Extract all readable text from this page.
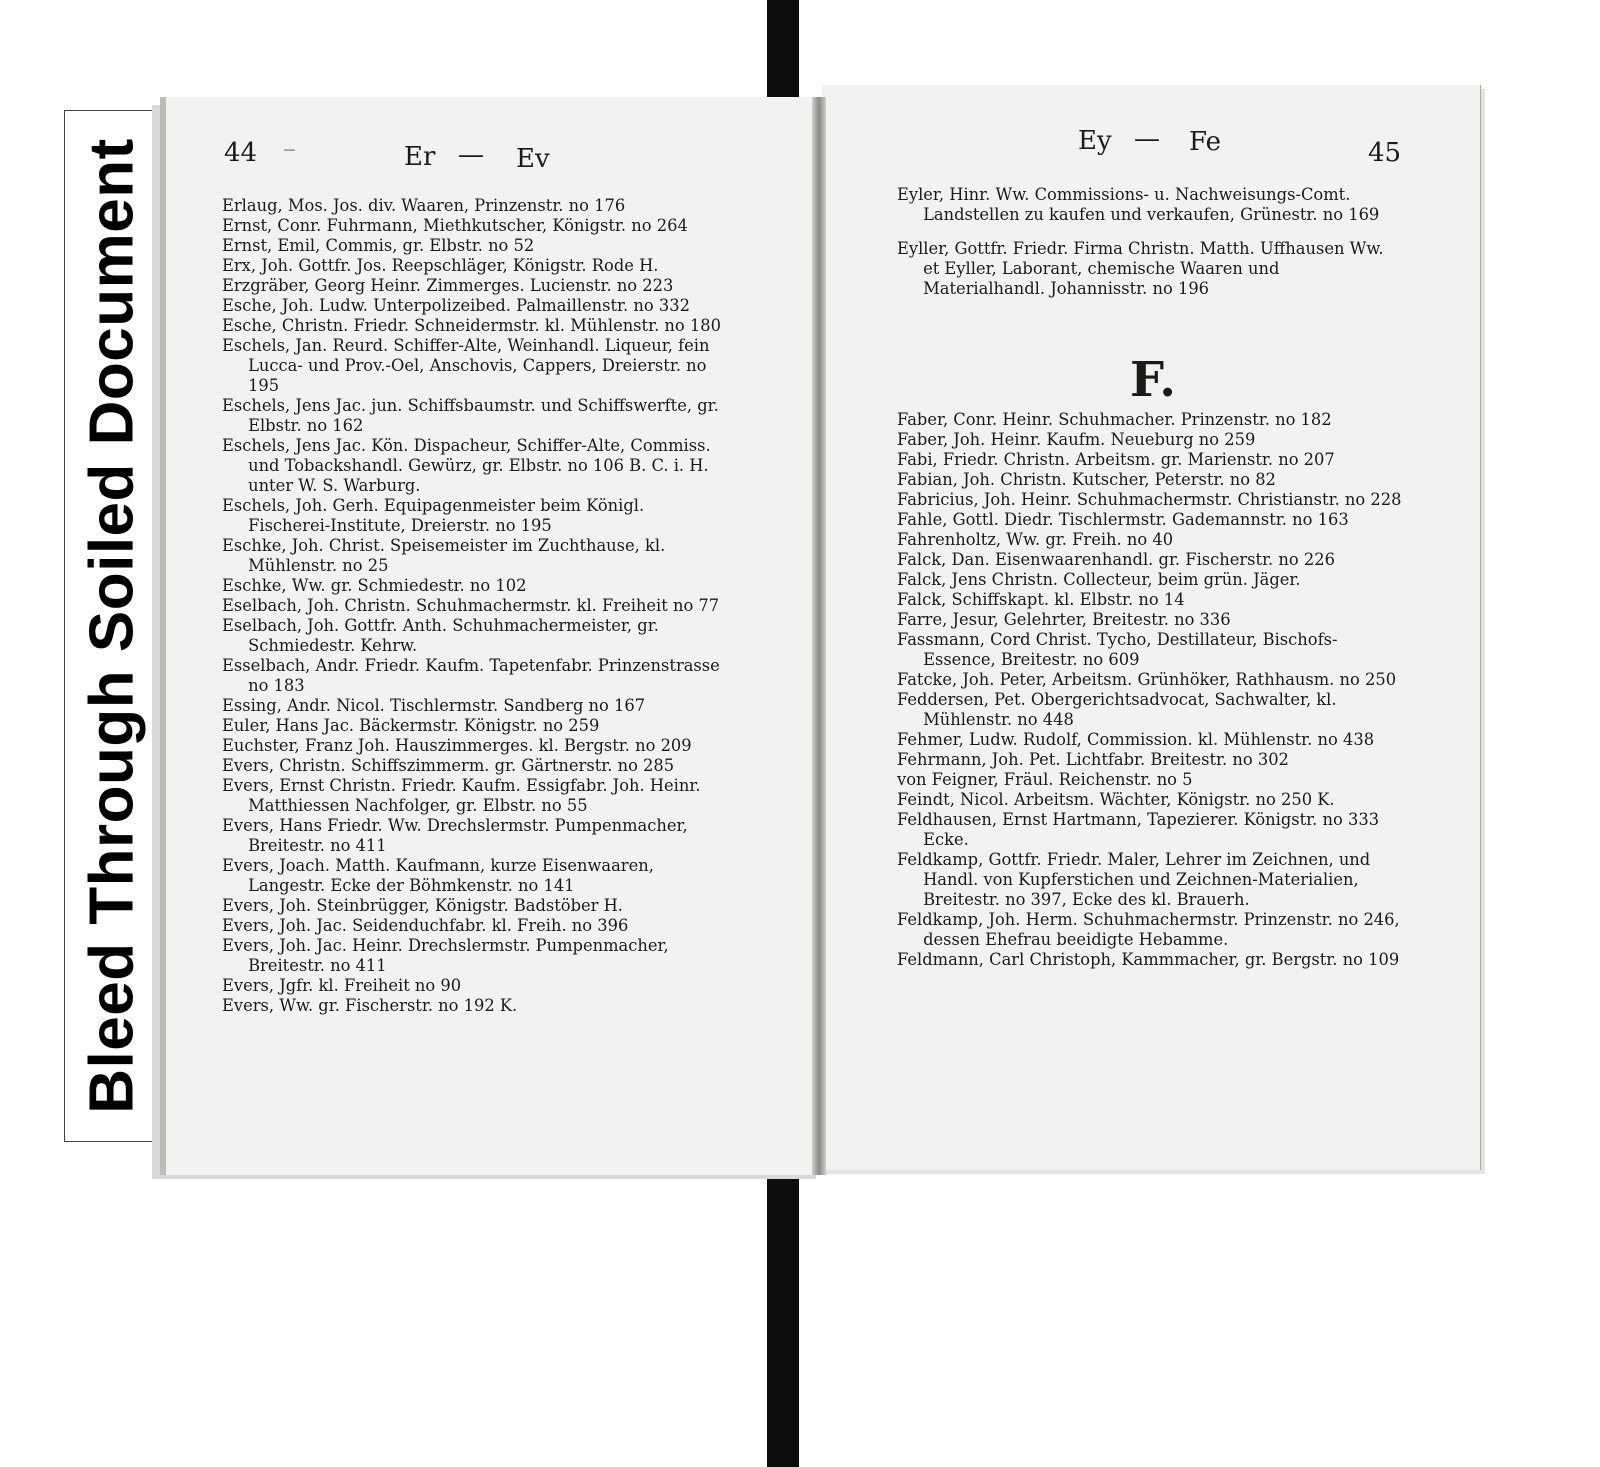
Bleed Through Soiled Document	44 –	Er — Ev
Ey — Fe	45
Erlaug, Mos. Jos. div. Waaren, Prinzenstr. no 176
Ernst, Conr. Fuhrmann, Miethkutscher, Königstr. no 264
Ernst, Emil, Commis, gr. Elbstr. no 52
Erx, Joh. Gottfr. Jos. Reepschläger, Königstr. Rode H.
Erzgräber, Georg Heinr. Zimmerges. Lucienstr. no 223
Esche, Joh. Ludw. Unterpolizeibed. Palmaillenstr. no 332
Esche, Christn. Friedr. Schneidermstr. kl. Mühlenstr. no 180
Eschels, Jan. Reurd. Schiffer-Alte, Weinhandl. Liqueur, fein Lucca- und Prov.-Oel, Anschovis, Cappers, Dreierstr. no 195
Eschels, Jens Jac. jun. Schiffsbaumstr. und Schiffswerfte, gr. Elbstr. no 162
Eschels, Jens Jac. Kön. Dispacheur, Schiffer-Alte, Commiss. und Tobackshandl. Gewürz, gr. Elbstr. no 106 B. C. i. H. unter W. S. Warburg.
Eschels, Joh. Gerh. Equipagenmeister beim Königl. Fischerei-Institute, Dreierstr. no 195
Eschke, Joh. Christ. Speisemeister im Zuchthause, kl. Mühlenstr. no 25
Eschke, Ww. gr. Schmiedestr. no 102
Eselbach, Joh. Christn. Schuhmachermstr. kl. Freiheit no 77
Eselbach, Joh. Gottfr. Anth. Schuhmachermeister, gr. Schmiedestr. Kehrw.
Esselbach, Andr. Friedr. Kaufm. Tapetenfabr. Prinzenstrasse no 183
Essing, Andr. Nicol. Tischlermstr. Sandberg no 167
Euler, Hans Jac. Bäckermstr. Königstr. no 259
Euchster, Franz Joh. Hauszimmerges. kl. Bergstr. no 209
Evers, Christn. Schiffszimmerm. gr. Gärtnerstr. no 285
Evers, Ernst Christn. Friedr. Kaufm. Essigfabr. Joh. Heinr. Matthiessen Nachfolger, gr. Elbstr. no 55
Evers, Hans Friedr. Ww. Drechslermstr. Pumpenmacher, Breitestr. no 411
Evers, Joach. Matth. Kaufmann, kurze Eisenwaaren, Langestr. Ecke der Böhmkenstr. no 141
Evers, Joh. Steinbrügger, Königstr. Badstöber H.
Evers, Joh. Jac. Seidenduchfabr. kl. Freih. no 396
Evers, Joh. Jac. Heinr. Drechslermstr. Pumpenmacher, Breitestr. no 411
Evers, Jgfr. kl. Freiheit no 90
Evers, Ww. gr. Fischerstr. no 192 K.
Eyler, Hinr. Ww. Commissions- u. Nachweisungs-Comt. Landstellen zu kaufen und verkaufen, Grünestr. no 169
Eyller, Gottfr. Friedr. Firma Christn. Matth. Uffhausen Ww. et Eyller, Laborant, chemische Waaren und Materialhandl. Johannisstr. no 196
F.
Faber, Conr. Heinr. Schuhmacher. Prinzenstr. no 182
Faber, Joh. Heinr. Kaufm. Neueburg no 259
Fabi, Friedr. Christn. Arbeitsm. gr. Marienstr. no 207
Fabian, Joh. Christn. Kutscher, Peterstr. no 82
Fabricius, Joh. Heinr. Schuhmachermstr. Christianstr. no 228
Fahle, Gottl. Diedr. Tischlermstr. Gademannstr. no 163
Fahrenholtz, Ww. gr. Freih. no 40
Falck, Dan. Eisenwaarenhandl. gr. Fischerstr. no 226
Falck, Jens Christn. Collecteur, beim grün. Jäger.
Falck, Schiffskapt. kl. Elbstr. no 14
Farre, Jesur, Gelehrter, Breitestr. no 336
Fassmann, Cord Christ. Tycho, Destillateur, Bischofs-Essence, Breitestr. no 609
Fatcke, Joh. Peter, Arbeitsm. Grünhöker, Rathhausm. no 250
Feddersen, Pet. Obergerichtsadvocat, Sachwalter, kl. Mühlenstr. no 448
Fehmer, Ludw. Rudolf, Commission. kl. Mühlenstr. no 438
Fehrmann, Joh. Pet. Lichtfabr. Breitestr. no 302
von Feigner, Fräul. Reichenstr. no 5
Feindt, Nicol. Arbeitsm. Wächter, Königstr. no 250 K.
Feldhausen, Ernst Hartmann, Tapezierer. Königstr. no 333 Ecke.
Feldkamp, Gottfr. Friedr. Maler, Lehrer im Zeichnen, und Handl. von Kupferstichen und Zeichnen-Materialien, Breitestr. no 397, Ecke des kl. Brauerh.
Feldkamp, Joh. Herm. Schuhmachermstr. Prinzenstr. no 246, dessen Ehefrau beeidigte Hebamme.
Feldmann, Carl Christoph, Kammmacher, gr. Bergstr. no 109
